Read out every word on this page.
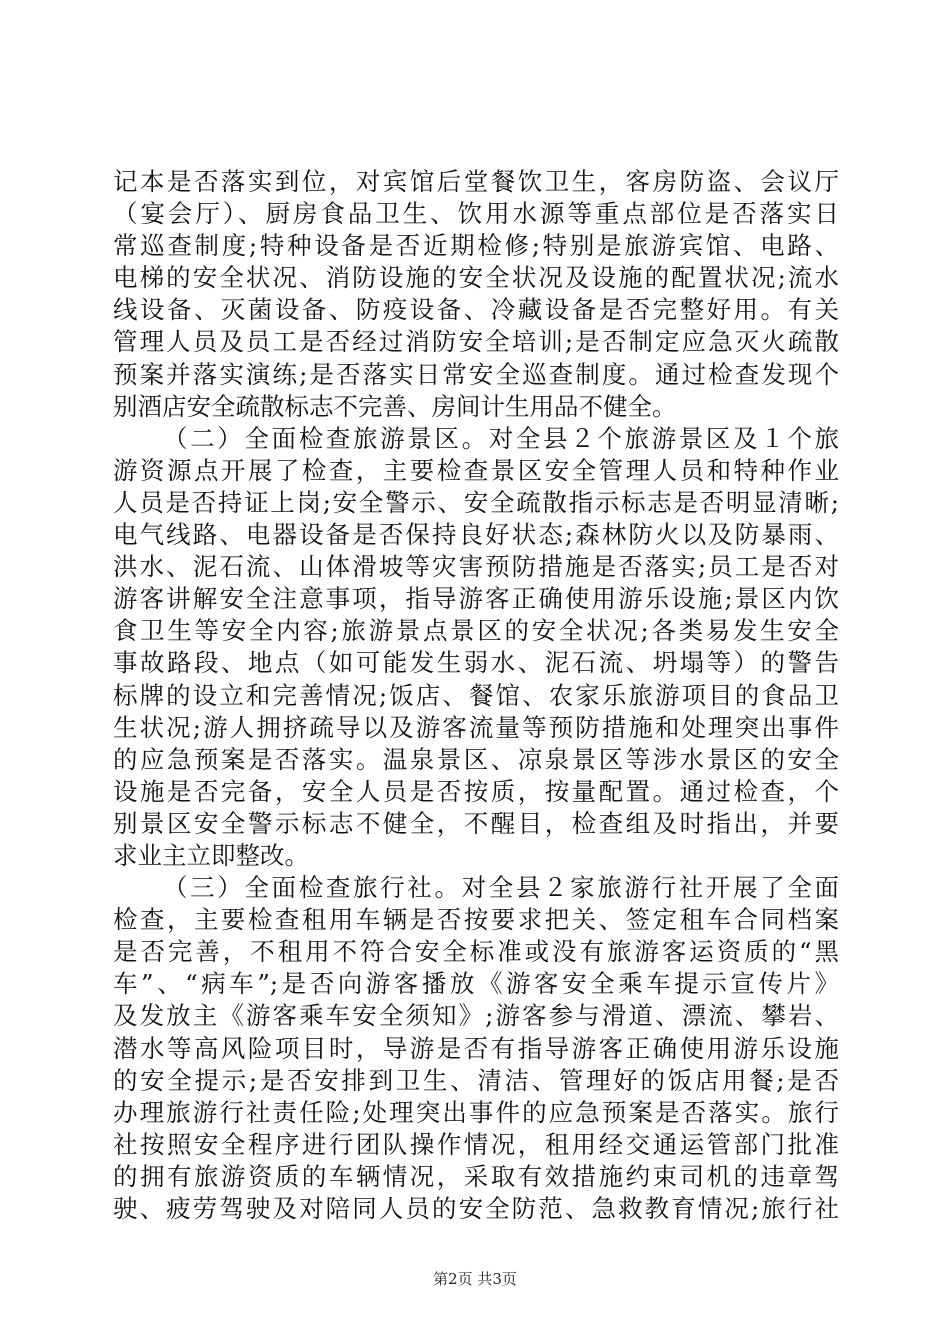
记本是否落实到位，对宾馆后堂餐饮卫生，客房防盗、会议厅
（宴会厅）、厨房食品卫生、饮用水源等重点部位是否落实日
常巡查制度;特种设备是否近期检修;特别是旅游宾馆、电路、
电梯的安全状况、消防设施的安全状况及设施的配置状况;流水
线设备、灭菌设备、防疫设备、冷藏设备是否完整好用。有关
管理人员及员工是否经过消防安全培训;是否制定应急灭火疏散
预案并落实演练;是否落实日常安全巡查制度。通过检查发现个
别酒店安全疏散标志不完善、房间计生用品不健全。
（二）全面检查旅游景区。对全县２个旅游景区及１个旅
游资源点开展了检查，主要检查景区安全管理人员和特种作业
人员是否持证上岗;安全警示、安全疏散指示标志是否明显清晰;
电气线路、电器设备是否保持良好状态;森林防火以及防暴雨、
洪水、泥石流、山体滑坡等灾害预防措施是否落实;员工是否对
游客讲解安全注意事项，指导游客正确使用游乐设施;景区内饮
食卫生等安全内容;旅游景点景区的安全状况;各类易发生安全
事故路段、地点（如可能发生弱水、泥石流、坍塌等）的警告
标牌的设立和完善情况;饭店、餐馆、农家乐旅游项目的食品卫
生状况;游人拥挤疏导以及游客流量等预防措施和处理突出事件
的应急预案是否落实。温泉景区、凉泉景区等涉水景区的安全
设施是否完备，安全人员是否按质，按量配置。通过检查，个
别景区安全警示标志不健全，不醒目，检查组及时指出，并要
求业主立即整改。
（三）全面检查旅行社。对全县２家旅游行社开展了全面
检查，主要检查租用车辆是否按要求把关、签定租车合同档案
是否完善，不租用不符合安全标准或没有旅游客运资质的“黑
车”、“病车”;是否向游客播放《游客安全乘车提示宣传片》
及发放主《游客乘车安全须知》;游客参与滑道、漂流、攀岩、
潜水等高风险项目时，导游是否有指导游客正确使用游乐设施
的安全提示;是否安排到卫生、清洁、管理好的饭店用餐;是否
办理旅游行社责任险;处理突出事件的应急预案是否落实。旅行
社按照安全程序进行团队操作情况，租用经交通运管部门批准
的拥有旅游资质的车辆情况，采取有效措施约束司机的违章驾
驶、疲劳驾驶及对陪同人员的安全防范、急救教育情况;旅行社
第2页 共3页
